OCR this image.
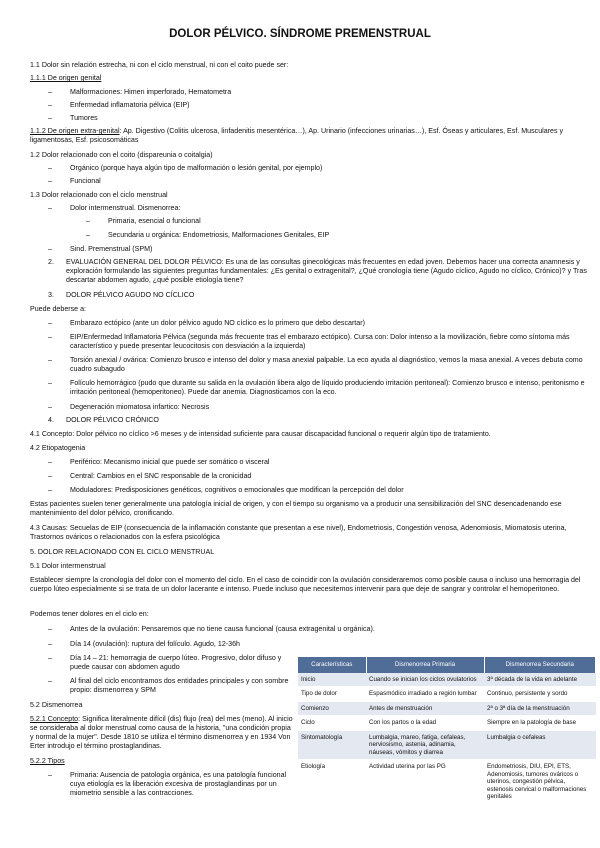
DOLOR PÉLVICO. SÍNDROME PREMENSTRUAL
1.1 Dolor sin relación estrecha, ni con el ciclo menstrual, ni con el coito puede ser:
1.1.1 De origen genital
– Malformaciones: Himen imperforado, Hematometra
– Enfermedad inflamatoria pélvica (EIP)
– Tumores
1.1.2 De origen extra-genital: Ap. Digestivo (Colitis ulcerosa, linfadenitis mesentérica…), Ap. Urinario (infecciones urinarias…), Esf. Óseas y articulares, Esf. Musculares y ligamentosas, Esf. psicosomáticas
1.2 Dolor relacionado con el coito (dispareunia o coitalgia)
– Orgánico (porque haya algún tipo de malformación o lesión genital, por ejemplo)
– Funcional
1.3 Dolor relacionado con el ciclo menstrual
– Dolor intermenstrual. Dismenorrea:
– Primaria, esencial o funcional
– Secundaria u orgánica: Endometriosis, Malformaciones Genitales, EIP
– Sind. Premenstrual (SPM)
2. EVALUACIÓN GENERAL DEL DOLOR PÉLVICO: Es una de las consultas ginecológicas más frecuentes en edad joven. Debemos hacer una correcta anamnesis y exploración formulando las siguientes preguntas fundamentales: ¿Es genital o extragenital?, ¿Qué cronología tiene (Agudo cíclico, Agudo no cíclico, Crónico)? y Tras descartar abdomen agudo, ¿qué posible etiología tiene?
3. DOLOR PÉLVICO AGUDO NO CÍCLICO
Puede deberse a:
– Embarazo ectópico (ante un dolor pélvico agudo NO cíclico es lo primero que debo descartar)
– EIP/Enfermedad Inflamatoria Pélvica (segunda más frecuente tras el embarazo ectópico). Cursa con: Dolor intenso a la movilización, fiebre como síntoma más característico y puede presentar leucocitosis con desviación a la izquierda)
– Torsión anexial / ovárica: Comienzo brusco e intenso del dolor y masa anexial palpable. La eco ayuda al diagnóstico, vemos la masa anexial. A veces debuta como cuadro subagudo
– Folículo hemorrágico (pudo que durante su salida en la ovulación libera algo de líquido produciendo irritación peritoneal): Comienzo brusco e intenso, peritonismo e irritación peritoneal (hemoperitoneo). Puede dar anemia. Diagnosticamos con la eco.
– Degeneración miomatosa infartico: Necrosis
4. DOLOR PÉLVICO CRÓNICO
4.1 Concepto: Dolor pélvico no cíclico >6 meses y de intensidad suficiente para causar discapacidad funcional o requerir algún tipo de tratamiento.
4.2 Etiopatogenia
– Periférico: Mecanismo inicial que puede ser somático o visceral
– Central: Cambios en el SNC responsable de la cronicidad
– Moduladores: Predisposiciones genéticos, cognitivos o emocionales que modifican la percepción del dolor
Estas pacientes suelen tener generalmente una patología inicial de origen, y con el tiempo su organismo va a producir una sensibilización del SNC desencadenando ese mantenimiento del dolor pélvico, cronificando.
4.3 Causas: Secuelas de EIP (consecuencia de la inflamación constante que presentan a ese nivel), Endometriosis, Congestión venosa, Adenomiosis, Miomatosis uterina, Trastornos ováricos o relacionados con la esfera psicológica
5. DOLOR RELACIONADO CON EL CICLO MENSTRUAL
5.1 Dolor intermenstrual
Establecer siempre la cronología del dolor con el momento del ciclo. En el caso de coincidir con la ovulación consideraremos como posible causa o incluso una hemorragia del cuerpo lúteo especialmente si se trata de un dolor lacerante e intenso. Puede incluso que necesitemos intervenir para que deje de sangrar y controlar el hemoperitoneo.
Podemos tener dolores en el ciclo en:
– Antes de la ovulación: Pensaremos que no tiene causa funcional (causa extragenital u orgánica).
– Día 14 (ovulación): ruptura del folículo. Agudo, 12-36h
– Día 14 – 21: hemorragia de cuerpo lúteo. Progresivo, dolor difuso y puede causar con abdomen agudo
– Al final del ciclo encontramos dos entidades principales y con sombre propio: dismenorrea y SPM
5.2 Dismenorrea
5.2.1 Concepto: Significa literalmente difícil (dis) flujo (rea) del mes (meno). Al inicio se consideraba al dolor menstrual como causa de la historia, "una condición propia y normal de la mujer". Desde 1810 se utiliza el término dismenorrea y en 1934 Von Erter introdujo el término prostaglandinas.
5.2.2 Tipos
– Primaria: Ausencia de patología orgánica, es una patología funcional cuya etiología es la liberación excesiva de prostaglandinas por un miometrio sensible a las contracciones.
Características	Dismenorrea Primaria	Dismenorrea Secundaria
Inicio	Cuando se inician los ciclos ovulatorios	3ª década de la vida en adelante
Tipo de dolor	Espasmódico irradiado a región lumbar	Continuo, persistente y sordo
Comienzo	Antes de menstruación	2ª o 3ª día de la menstruación
Ciclo	Con los partos o la edad	Siempre en la patología de base
Sintomatología	Lumbalgia, mareo, fatiga, cefaleas, nerviosismo, astenia, adinamia, náuseas, vómitos y diarrea	Lumbalgia o cefaleas
Etiología	Actividad uterina por las PG	Endometriosis, DIU, EPI, ETS, Adenomiosis, tumores ováricos o uterinos, congestión pélvica, estenosis cervical o malformaciones genitales
